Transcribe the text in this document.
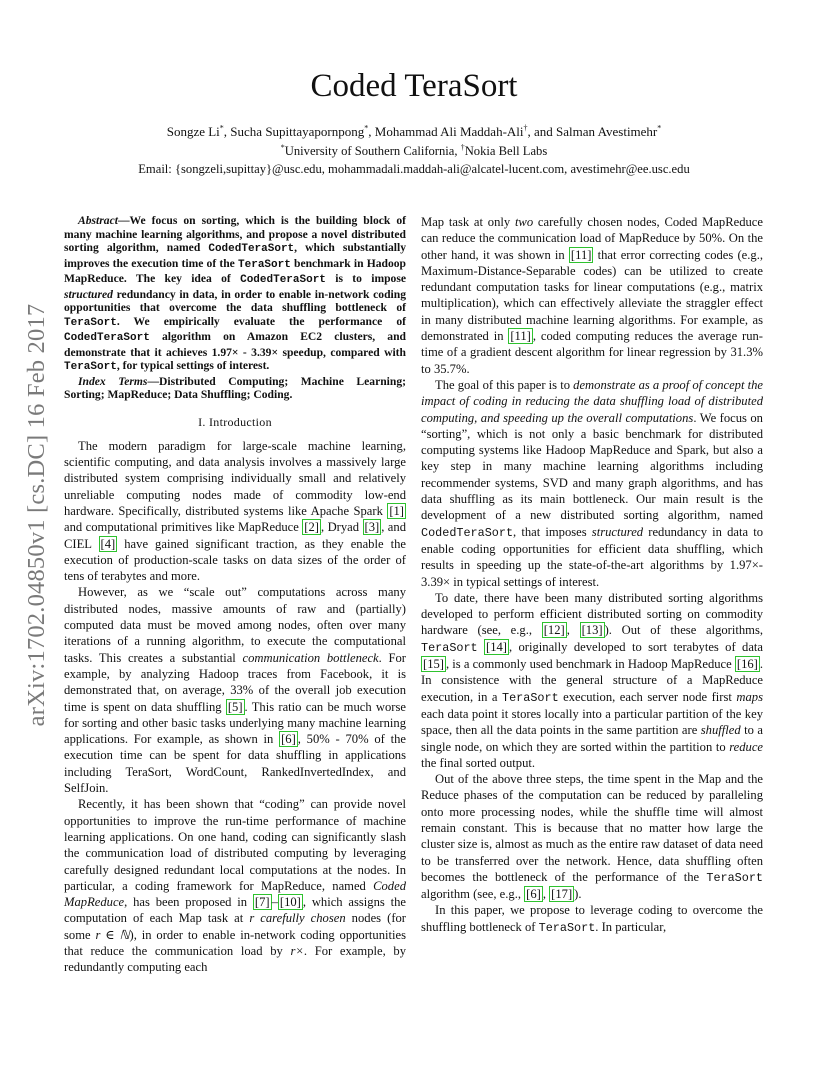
arXiv:1702.04850v1 [cs.DC] 16 Feb 2017
Coded TeraSort
Songze Li*, Sucha Supittayapornpong*, Mohammad Ali Maddah-Ali†, and Salman Avestimehr*
*University of Southern California, †Nokia Bell Labs
Email: {songzeli,supittay}@usc.edu, mohammadali.maddah-ali@alcatel-lucent.com, avestimehr@ee.usc.edu

Abstract—We focus on sorting, which is the building block of many machine learning algorithms, and propose a novel distributed sorting algorithm, named CodedTeraSort, which substantially improves the execution time of the TeraSort benchmark in Hadoop MapReduce. The key idea of CodedTeraSort is to impose structured redundancy in data, in order to enable in-network coding opportunities that overcome the data shuffling bottleneck of TeraSort. We empirically evaluate the performance of CodedTeraSort algorithm on Amazon EC2 clusters, and demonstrate that it achieves 1.97× - 3.39× speedup, compared with TeraSort, for typical settings of interest.

Index Terms—Distributed Computing; Machine Learning; Sorting; MapReduce; Data Shuffling; Coding.

I. Introduction

The modern paradigm for large-scale machine learning, scientific computing, and data analysis involves a massively large distributed system comprising individually small and relatively unreliable computing nodes made of commodity low-end hardware. Specifically, distributed systems like Apache Spark [1] and computational primitives like MapReduce [2] , Dryad [3] , and CIEL [4] have gained significant traction, as they enable the execution of production-scale tasks on data sizes of the order of tens of terabytes and more.

However, as we “scale out” computations across many distributed nodes, massive amounts of raw and (partially) computed data must be moved among nodes, often over many iterations of a running algorithm, to execute the computational tasks. This creates a substantial communication bottleneck. For example, by analyzing Hadoop traces from Facebook, it is demonstrated that, on average, 33% of the overall job execution time is spent on data shuffling [5] . This ratio can be much worse for sorting and other basic tasks underlying many machine learning applications. For example, as shown in [6] , 50% - 70% of the execution time can be spent for data shuffling in applications including TeraSort, WordCount, RankedInvertedIndex, and SelfJoin.

Recently, it has been shown that “coding” can provide novel opportunities to improve the run-time performance of machine learning applications. On one hand, coding can significantly slash the communication load of distributed computing by leveraging carefully designed redundant local computations at the nodes. In particular, a coding framework for MapReduce, named Coded MapReduce, has been proposed in [7] – [10] , which assigns the computation of each Map task at r carefully chosen nodes (for some r ∈ ℕ), in order to enable in-network coding opportunities that reduce the communication load by r×. For example, by redundantly computing each

Map task at only two carefully chosen nodes, Coded MapReduce can reduce the communication load of MapReduce by 50%. On the other hand, it was shown in [11] that error correcting codes (e.g., Maximum-Distance-Separable codes) can be utilized to create redundant computation tasks for linear computations (e.g., matrix multiplication), which can effectively alleviate the straggler effect in many distributed machine learning algorithms. For example, as demonstrated in [11] , coded computing reduces the average run-time of a gradient descent algorithm for linear regression by 31.3% to 35.7%.

The goal of this paper is to demonstrate as a proof of concept the impact of coding in reducing the data shuffling load of distributed computing, and speeding up the overall computations. We focus on “sorting”, which is not only a basic benchmark for distributed computing systems like Hadoop MapReduce and Spark, but also a key step in many machine learning algorithms including recommender systems, SVD and many graph algorithms, and has data shuffling as its main bottleneck. Our main result is the development of a new distributed sorting algorithm, named CodedTeraSort, that imposes structured redundancy in data to enable coding opportunities for efficient data shuffling, which results in speeding up the state-of-the-art algorithms by 1.97×- 3.39× in typical settings of interest.

To date, there have been many distributed sorting algorithms developed to perform efficient distributed sorting on commodity hardware (see, e.g., [12] , [13] ). Out of these algorithms, TeraSort [14] , originally developed to sort terabytes of data [15] , is a commonly used benchmark in Hadoop MapReduce [16] . In consistence with the general structure of a MapReduce execution, in a TeraSort execution, each server node first maps each data point it stores locally into a particular partition of the key space, then all the data points in the same partition are shuffled to a single node, on which they are sorted within the partition to reduce the final sorted output.

Out of the above three steps, the time spent in the Map and the Reduce phases of the computation can be reduced by paralleling onto more processing nodes, while the shuffle time will almost remain constant. This is because that no matter how large the cluster size is, almost as much as the entire raw dataset of data need to be transferred over the network. Hence, data shuffling often becomes the bottleneck of the performance of the TeraSort algorithm (see, e.g., [6] , [17] ).

In this paper, we propose to leverage coding to overcome the shuffling bottleneck of TeraSort. In particular,
